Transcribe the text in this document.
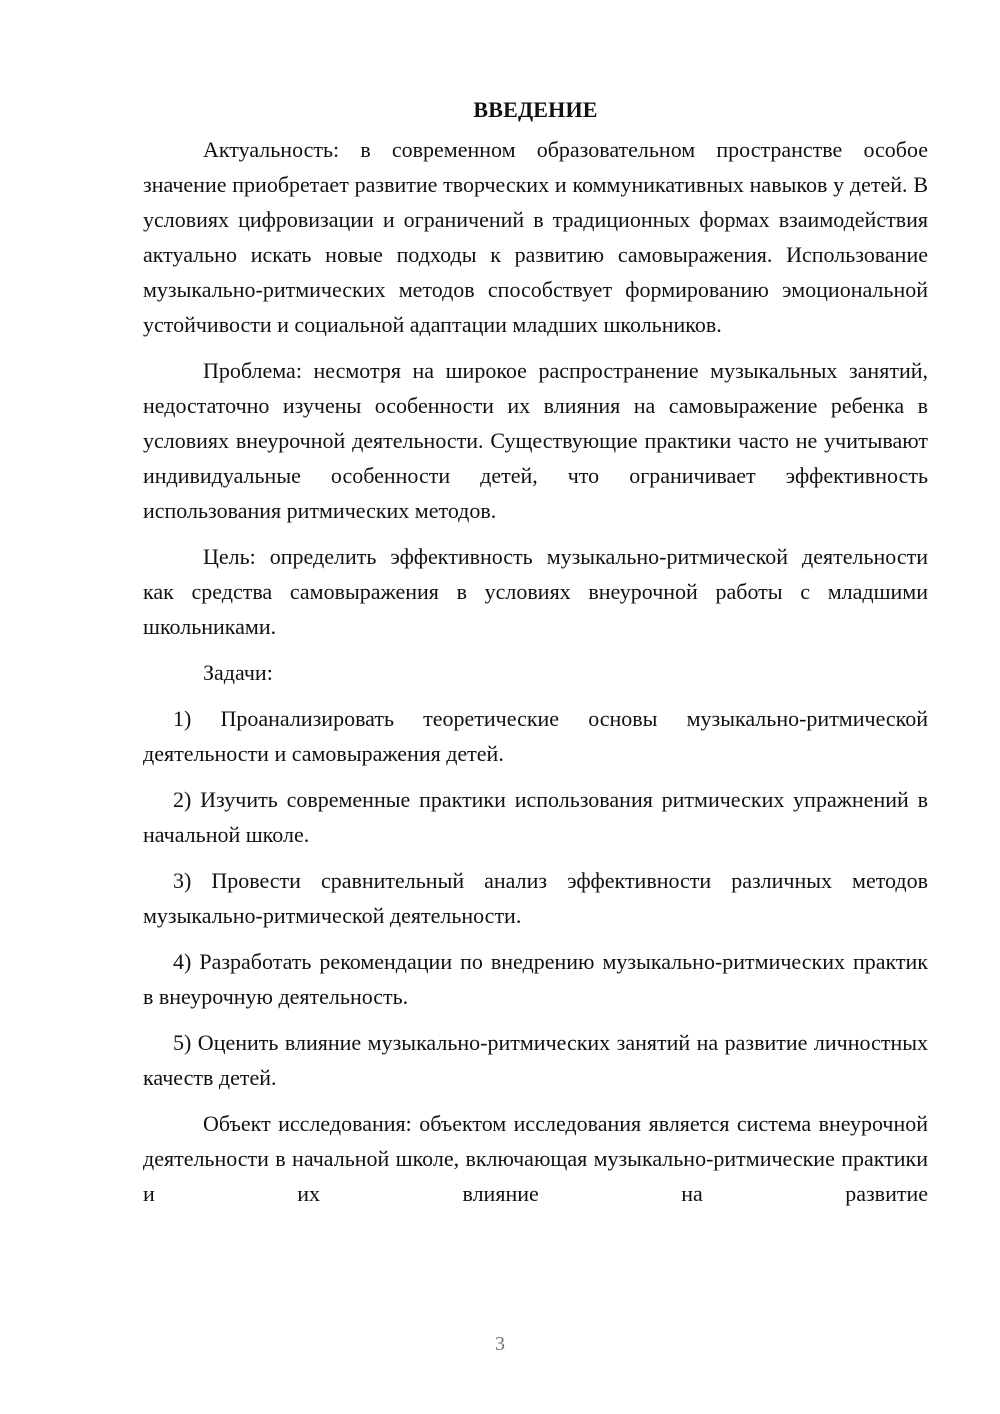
ВВЕДЕНИЕ

Актуальность: в современном образовательном пространстве особое значение приобретает развитие творческих и коммуникативных навыков у детей. В условиях цифровизации и ограничений в традиционных формах взаимодействия актуально искать новые подходы к развитию самовыражения. Использование музыкально-ритмических методов способствует формированию эмоциональной устойчивости и социальной адаптации младших школьников.

Проблема: несмотря на широкое распространение музыкальных занятий, недостаточно изучены особенности их влияния на самовыражение ребенка в условиях внеурочной деятельности. Существующие практики часто не учитывают индивидуальные особенности детей, что ограничивает эффективность использования ритмических методов.

Цель: определить эффективность музыкально-ритмической деятельности как средства самовыражения в условиях внеурочной работы с младшими школьниками.

Задачи:

1) Проанализировать теоретические основы музыкально-ритмической деятельности и самовыражения детей.

2) Изучить современные практики использования ритмических упражнений в начальной школе.

3) Провести сравнительный анализ эффективности различных методов музыкально-ритмической деятельности.

4) Разработать рекомендации по внедрению музыкально-ритмических практик в внеурочную деятельность.

5) Оценить влияние музыкально-ритмических занятий на развитие личностных качеств детей.

Объект исследования: объектом исследования является система внеурочной деятельности в начальной школе, включающая музыкально-ритмические практики и их влияние на развитие

3
